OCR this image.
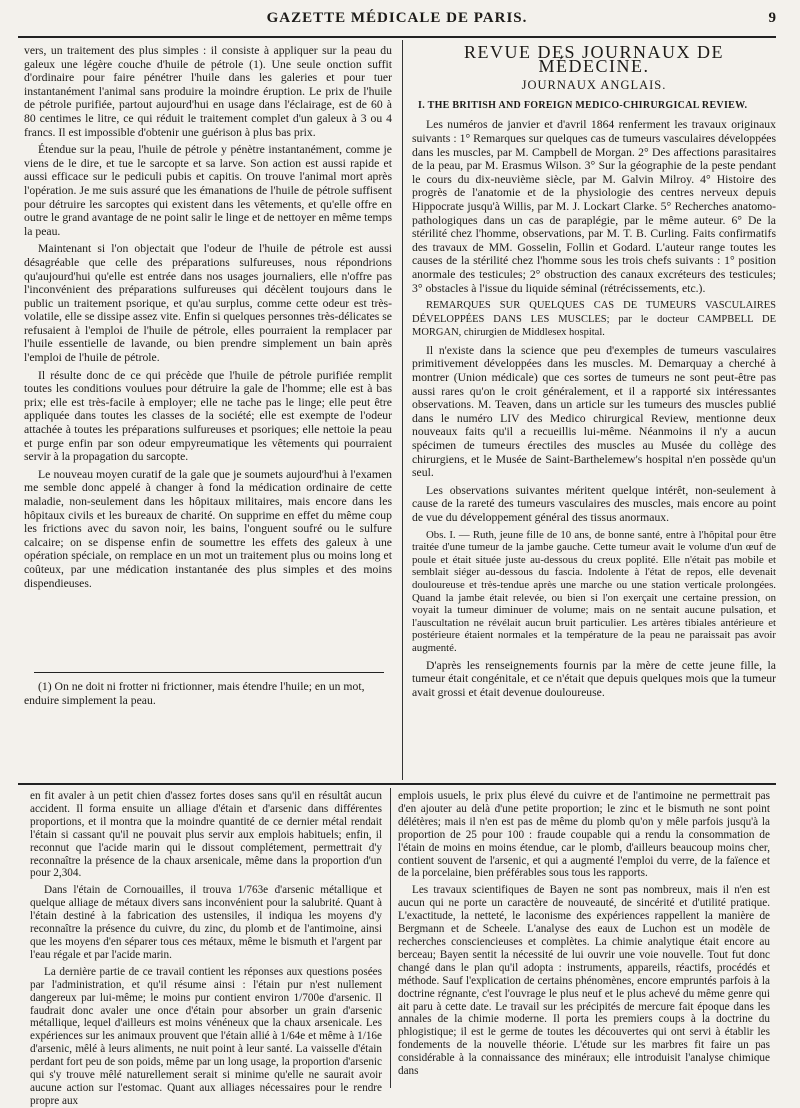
GAZETTE MÉDICALE DE PARIS.	9

vers, un traitement des plus simples : il consiste à appliquer sur la peau du galeux une légère couche d'huile de pétrole (1). Une seule onction suffit d'ordinaire pour faire pénétrer l'huile dans les galeries et pour tuer instantanément l'animal sans produire la moindre éruption. Le prix de l'huile de pétrole purifiée, partout aujourd'hui en usage dans l'éclairage, est de 60 à 80 centimes le litre, ce qui réduit le traitement complet d'un galeux à 3 ou 4 francs. Il est impossible d'obtenir une guérison à plus bas prix.

Étendue sur la peau, l'huile de pétrole y pénètre instantanément, comme je viens de le dire, et tue le sarcopte et sa larve. Son action est aussi rapide et aussi efficace sur le pediculi pubis et capitis. On trouve l'animal mort après l'opération. Je me suis assuré que les émanations de l'huile de pétrole suffisent pour détruire les sarcoptes qui existent dans les vêtements, et qu'elle offre en outre le grand avantage de ne point salir le linge et de nettoyer en même temps la peau.

Maintenant si l'on objectait que l'odeur de l'huile de pétrole est aussi désagréable que celle des préparations sulfureuses, nous répondrions qu'aujourd'hui qu'elle est entrée dans nos usages journaliers, elle n'offre pas l'inconvénient des préparations sulfureuses qui décèlent toujours dans le public un traitement psorique, et qu'au surplus, comme cette odeur est très-volatile, elle se dissipe assez vite. Enfin si quelques personnes très-délicates se refusaient à l'emploi de l'huile de pétrole, elles pourraient la remplacer par l'huile essentielle de lavande, ou bien prendre simplement un bain après l'emploi de l'huile de pétrole.

Il résulte donc de ce qui précède que l'huile de pétrole purifiée remplit toutes les conditions voulues pour détruire la gale de l'homme; elle est à bas prix; elle est très-facile à employer; elle ne tache pas le linge; elle peut être appliquée dans toutes les classes de la société; elle est exempte de l'odeur attachée à toutes les préparations sulfureuses et psoriques; elle nettoie la peau et purge enfin par son odeur empyreumatique les vêtements qui pourraient servir à la propagation du sarcopte.

Le nouveau moyen curatif de la gale que je soumets aujourd'hui à l'examen me semble donc appelé à changer à fond la médication ordinaire de cette maladie, non-seulement dans les hôpitaux militaires, mais encore dans les hôpitaux civils et les bureaux de charité. On supprime en effet du même coup les frictions avec du savon noir, les bains, l'onguent soufré ou le sulfure calcaire; on se dispense enfin de soumettre les effets des galeux à une opération spéciale, on remplace en un mot un traitement plus ou moins long et coûteux, par une médication instantanée des plus simples et des moins dispendieuses.

(1) On ne doit ni frotter ni frictionner, mais étendre l'huile; en un mot, enduire simplement la peau.

REVUE DES JOURNAUX DE MÉDECINE.
JOURNAUX ANGLAIS.
I. THE BRITISH AND FOREIGN MEDICO-CHIRURGICAL REVIEW.

Les numéros de janvier et d'avril 1864 renferment les travaux originaux suivants : 1° Remarques sur quelques cas de tumeurs vasculaires développées dans les muscles, par M. Campbell de Morgan. 2° Des affections parasitaires de la peau, par M. Erasmus Wilson. 3° Sur la géographie de la peste pendant le cours du dix-neuvième siècle, par M. Galvin Milroy. 4° Histoire des progrès de l'anatomie et de la physiologie des centres nerveux depuis Hippocrate jusqu'à Willis, par M. J. Lockart Clarke. 5° Recherches anatomo-pathologiques dans un cas de paraplégie, par le même auteur. 6° De la stérilité chez l'homme, observations, par M. T. B. Curling. Faits confirmatifs des travaux de MM. Gosselin, Follin et Godard. L'auteur range toutes les causes de la stérilité chez l'homme sous les trois chefs suivants : 1° position anormale des testicules; 2° obstruction des canaux excréteurs des testicules; 3° obstacles à l'issue du liquide séminal (rétrécissements, etc.).

REMARQUES SUR QUELQUES CAS DE TUMEURS VASCULAIRES DÉVELOPPÉES DANS LES MUSCLES; par le docteur CAMPBELL DE MORGAN, chirurgien de Middlesex hospital.

Il n'existe dans la science que peu d'exemples de tumeurs vasculaires primitivement développées dans les muscles. M. Demarquay a cherché à montrer (Union médicale) que ces sortes de tumeurs ne sont peut-être pas aussi rares qu'on le croit généralement, et il a rapporté six intéressantes observations. M. Teaven, dans un article sur les tumeurs des muscles publié dans le numéro LIV des Medico chirurgical Review, mentionne deux nouveaux faits qu'il a recueillis lui-même. Néanmoins il n'y a aucun spécimen de tumeurs érectiles des muscles au Musée du collège des chirurgiens, et le Musée de Saint-Barthelemew's hospital n'en possède qu'un seul.

Les observations suivantes méritent quelque intérêt, non-seulement à cause de la rareté des tumeurs vasculaires des muscles, mais encore au point de vue du développement général des tissus anormaux.

Obs. I. — Ruth, jeune fille de 10 ans, de bonne santé, entre à l'hôpital pour être traitée d'une tumeur de la jambe gauche. Cette tumeur avait le volume d'un œuf de poule et était située juste au-dessous du creux poplité. Elle n'était pas mobile et semblait siéger au-dessous du fascia. Indolente à l'état de repos, elle devenait douloureuse et très-tendue après une marche ou une station verticale prolongées. Quand la jambe était relevée, ou bien si l'on exerçait une certaine pression, on voyait la tumeur diminuer de volume; mais on ne sentait aucune pulsation, et l'auscultation ne révélait aucun bruit particulier. Les artères tibiales antérieure et postérieure étaient normales et la température de la peau ne paraissait pas avoir augmenté.

D'après les renseignements fournis par la mère de cette jeune fille, la tumeur était congénitale, et ce n'était que depuis quelques mois que la tumeur avait grossi et était devenue douloureuse.

en fit avaler à un petit chien d'assez fortes doses sans qu'il en résultât aucun accident. Il forma ensuite un alliage d'étain et d'arsenic dans différentes proportions, et il montra que la moindre quantité de ce dernier métal rendait l'étain si cassant qu'il ne pouvait plus servir aux emplois habituels; enfin, il reconnut que l'acide marin qui le dissout complétement, permettrait d'y reconnaître la présence de la chaux arsenicale, même dans la proportion d'un pour 2,304.

Dans l'étain de Cornouailles, il trouva 1/763e d'arsenic métallique et quelque alliage de métaux divers sans inconvénient pour la salubrité. Quant à l'étain destiné à la fabrication des ustensiles, il indiqua les moyens d'y reconnaître la présence du cuivre, du zinc, du plomb et de l'antimoine, ainsi que les moyens d'en séparer tous ces métaux, même le bismuth et l'argent par l'eau régale et par l'acide marin.

La dernière partie de ce travail contient les réponses aux questions posées par l'administration, et qu'il résume ainsi : l'étain pur n'est nullement dangereux par lui-même; le moins pur contient environ 1/700e d'arsenic. Il faudrait donc avaler une once d'étain pour absorber un grain d'arsenic métallique, lequel d'ailleurs est moins vénéneux que la chaux arsenicale. Les expériences sur les animaux prouvent que l'étain allié à 1/64e et même à 1/16e d'arsenic, mêlé à leurs aliments, ne nuit point à leur santé. La vaisselle d'étain perdant fort peu de son poids, même par un long usage, la proportion d'arsenic qui s'y trouve mêlé naturellement serait si minime qu'elle ne saurait avoir aucune action sur l'estomac. Quant aux alliages nécessaires pour le rendre propre aux

emplois usuels, le prix plus élevé du cuivre et de l'antimoine ne permettrait pas d'en ajouter au delà d'une petite proportion; le zinc et le bismuth ne sont point délétères; mais il n'en est pas de même du plomb qu'on y mêle parfois jusqu'à la proportion de 25 pour 100 : fraude coupable qui a rendu la consommation de l'étain de moins en moins étendue, car le plomb, d'ailleurs beaucoup moins cher, contient souvent de l'arsenic, et qui a augmenté l'emploi du verre, de la faïence et de la porcelaine, bien préférables sous tous les rapports.

Les travaux scientifiques de Bayen ne sont pas nombreux, mais il n'en est aucun qui ne porte un caractère de nouveauté, de sincérité et d'utilité pratique. L'exactitude, la netteté, le laconisme des expériences rappellent la manière de Bergmann et de Scheele. L'analyse des eaux de Luchon est un modèle de recherches consciencieuses et complètes. La chimie analytique était encore au berceau; Bayen sentit la nécessité de lui ouvrir une voie nouvelle. Tout fut donc changé dans le plan qu'il adopta : instruments, appareils, réactifs, procédés et méthode. Sauf l'explication de certains phénomènes, encore empruntés parfois à la doctrine régnante, c'est l'ouvrage le plus neuf et le plus achevé du même genre qui ait paru à cette date. Le travail sur les précipités de mercure fait époque dans les annales de la chimie moderne. Il porta les premiers coups à la doctrine du phlogistique; il est le germe de toutes les découvertes qui ont servi à établir les fondements de la nouvelle théorie. L'étude sur les marbres fit faire un pas considérable à la connaissance des minéraux; elle introduisit l'analyse chimique dans
